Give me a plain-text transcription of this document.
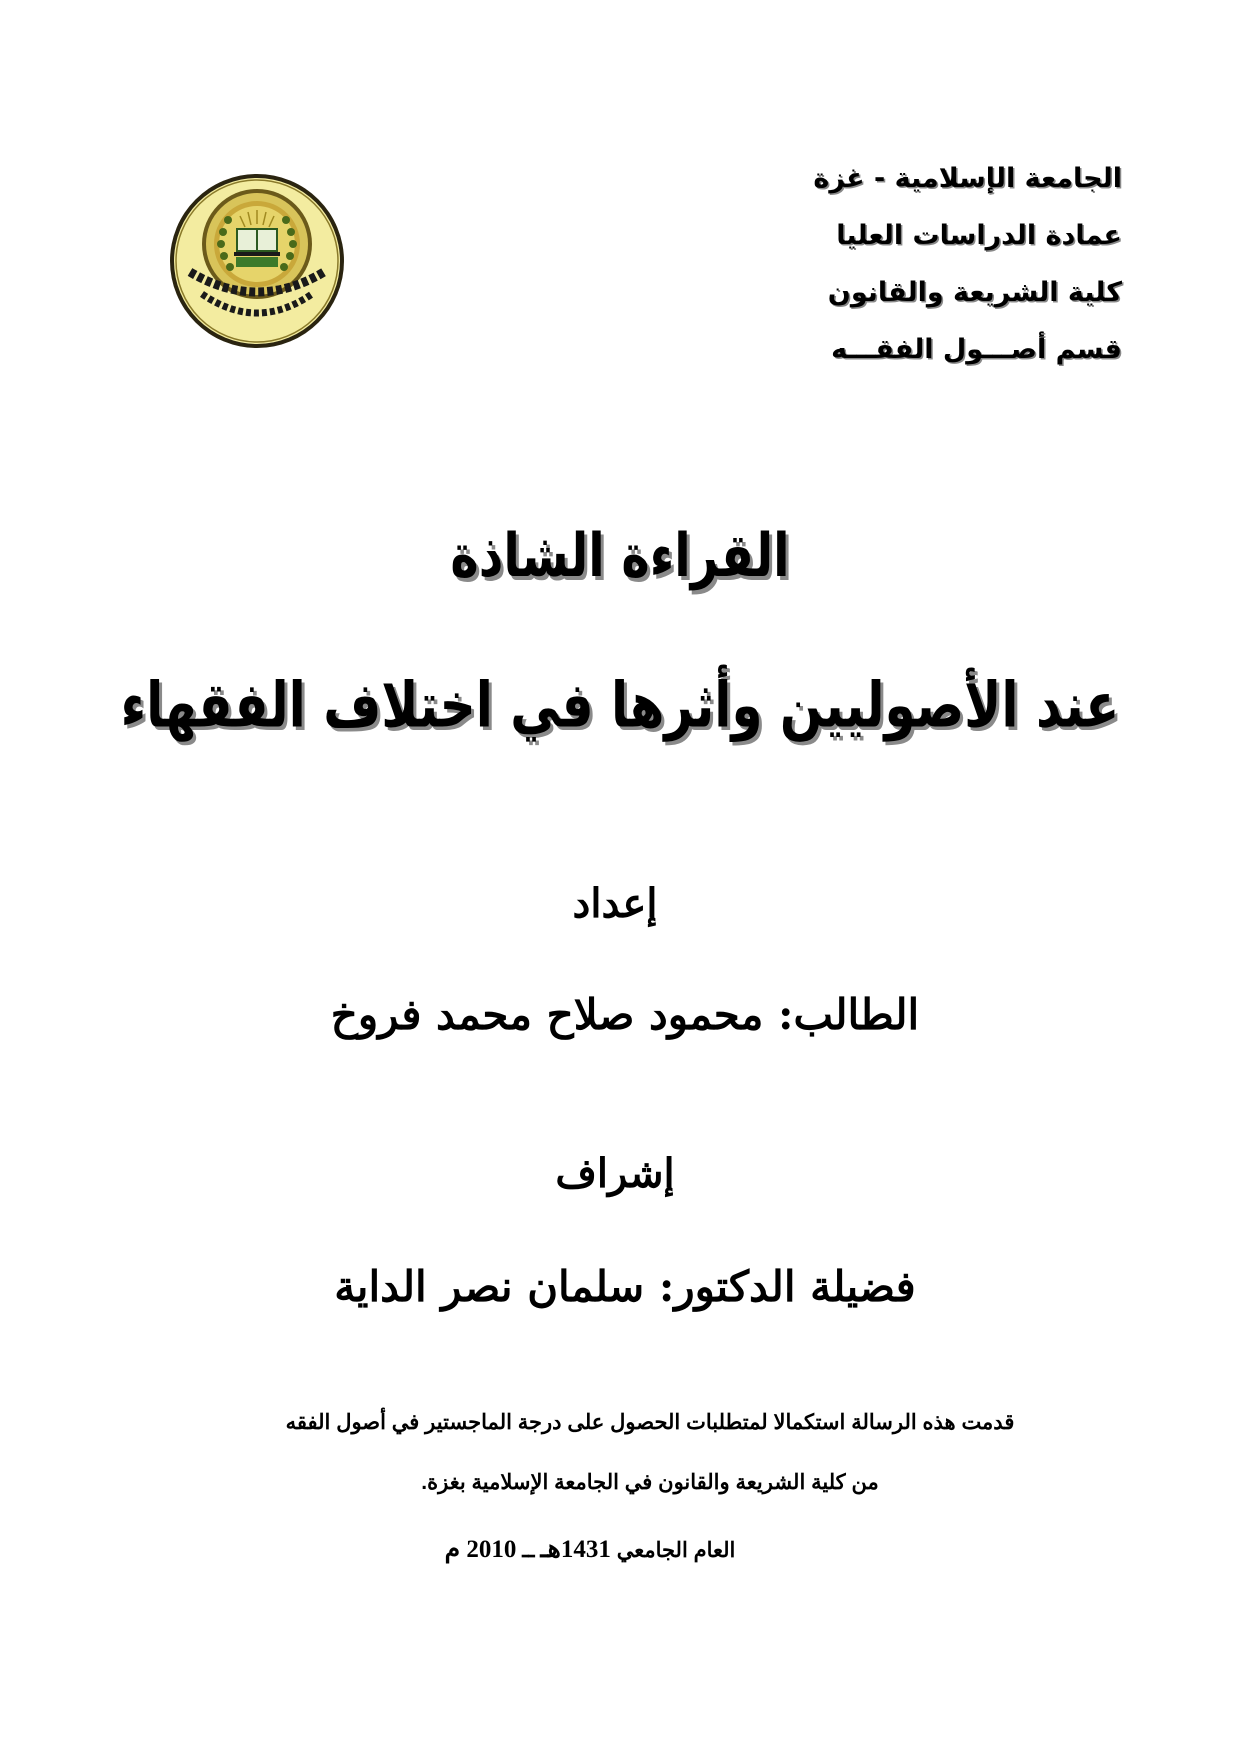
الجامعة الإسلامية - غزة
عمادة الدراسات العليا
كلية الشريعة والقانون
قسم أصـــول الفقـــه
القراءة الشاذة
عند الأصوليين وأثرها في اختلاف الفقهاء
إعداد
الطالب: محمود صلاح محمد فروخ
إشراف
فضيلة الدكتور: سلمان نصر الداية
قدمت هذه الرسالة استكمالا لمتطلبات الحصول على درجة الماجستير في أصول الفقه
من كلية الشريعة والقانون في الجامعة الإسلامية بغزة.
العام الجامعي 1431هـ ــ 2010 م
